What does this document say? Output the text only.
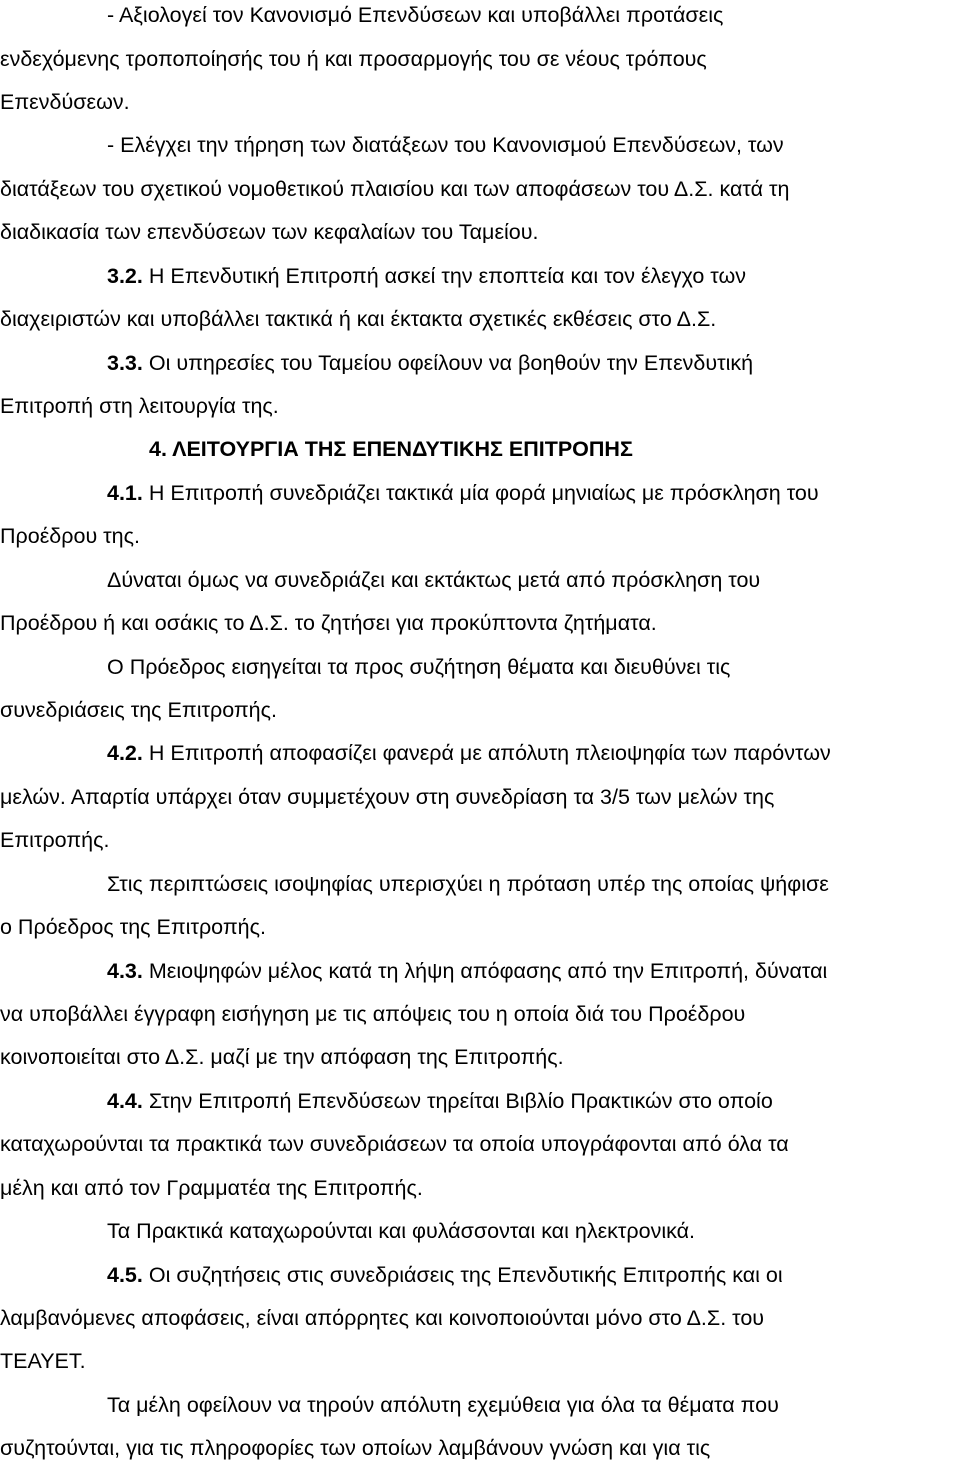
- Αξιολογεί τον Κανονισμό Επενδύσεων και υποβάλλει προτάσεις
ενδεχόμενης τροποποίησής του ή και προσαρμογής του σε νέους τρόπους
Επενδύσεων.
- Ελέγχει την τήρηση των διατάξεων του Κανονισμού Επενδύσεων, των
διατάξεων του σχετικού νομοθετικού πλαισίου και των αποφάσεων του Δ.Σ. κατά τη
διαδικασία των επενδύσεων των κεφαλαίων του Ταμείου.
3.2. Η Επενδυτική Επιτροπή ασκεί την εποπτεία και τον έλεγχο των
διαχειριστών και υποβάλλει τακτικά ή και έκτακτα σχετικές εκθέσεις στο Δ.Σ.
3.3. Οι υπηρεσίες του Ταμείου οφείλουν να βοηθούν την Επενδυτική
Επιτροπή στη λειτουργία της.
4. ΛΕΙΤΟΥΡΓΙΑ ΤΗΣ ΕΠΕΝΔΥΤΙΚΗΣ ΕΠΙΤΡΟΠΗΣ
4.1. Η Επιτροπή συνεδριάζει τακτικά μία φορά μηνιαίως με πρόσκληση του
Προέδρου της.
Δύναται όμως να συνεδριάζει και εκτάκτως μετά από πρόσκληση του
Προέδρου ή και οσάκις το Δ.Σ. το ζητήσει για προκύπτοντα ζητήματα.
Ο Πρόεδρος εισηγείται τα προς συζήτηση θέματα και διευθύνει τις
συνεδριάσεις της Επιτροπής.
4.2. Η Επιτροπή αποφασίζει φανερά με απόλυτη πλειοψηφία των παρόντων
μελών. Απαρτία υπάρχει όταν συμμετέχουν στη συνεδρίαση τα 3/5 των μελών της
Επιτροπής.
Στις περιπτώσεις ισοψηφίας υπερισχύει η πρόταση υπέρ της οποίας ψήφισε
ο Πρόεδρος της Επιτροπής.
4.3. Μειοψηφών μέλος κατά τη λήψη απόφασης από την Επιτροπή, δύναται
να υποβάλλει έγγραφη εισήγηση με τις απόψεις του η οποία διά του Προέδρου
κοινοποιείται στο Δ.Σ. μαζί με την απόφαση της Επιτροπής.
4.4. Στην Επιτροπή Επενδύσεων τηρείται Βιβλίο Πρακτικών στο οποίο
καταχωρούνται τα πρακτικά των συνεδριάσεων τα οποία υπογράφονται από όλα τα
μέλη και από τον Γραμματέα της Επιτροπής.
Τα Πρακτικά καταχωρούνται και φυλάσσονται και ηλεκτρονικά.
4.5. Οι συζητήσεις στις συνεδριάσεις της Επενδυτικής Επιτροπής και οι
λαμβανόμενες αποφάσεις, είναι απόρρητες και κοινοποιούνται μόνο στο Δ.Σ. του
ΤΕΑΥΕΤ.
Τα μέλη οφείλουν να τηρούν απόλυτη εχεμύθεια για όλα τα θέματα που
συζητούνται, για τις πληροφορίες των οποίων λαμβάνουν γνώση και για τις
